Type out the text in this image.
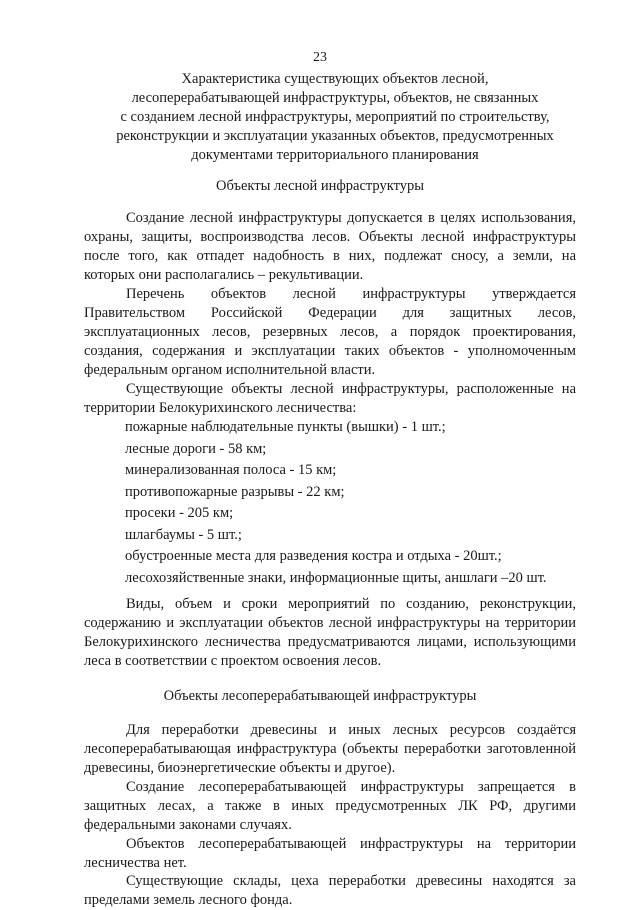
23
Характеристика существующих объектов лесной,
лесоперерабатывающей инфраструктуры, объектов, не связанных
с созданием лесной инфраструктуры, мероприятий по строительству,
реконструкции и эксплуатации указанных объектов, предусмотренных
документами территориального планирования
Объекты лесной инфраструктуры
Создание лесной инфраструктуры допускается в целях использования,
охраны, защиты, воспроизводства лесов. Объекты лесной инфраструктуры
после того, как отпадет надобность в них, подлежат сносу, а земли, на
которых они располагались – рекультивации.
Перечень объектов лесной инфраструктуры утверждается
Правительством Российской Федерации для защитных лесов,
эксплуатационных лесов, резервных лесов, а порядок проектирования,
создания, содержания и эксплуатации таких объектов - уполномоченным
федеральным органом исполнительной власти.
Существующие объекты лесной инфраструктуры, расположенные на
территории Белокурихинского лесничества:
пожарные наблюдательные пункты (вышки) - 1 шт.;
лесные дороги - 58 км;
минерализованная полоса - 15 км;
противопожарные разрывы - 22 км;
просеки - 205 км;
шлагбаумы - 5 шт.;
обустроенные места для разведения костра и отдыха - 20шт.;
лесохозяйственные знаки, информационные щиты, аншлаги –20 шт.
Виды, объем и сроки мероприятий по созданию, реконструкции,
содержанию и эксплуатации объектов лесной инфраструктуры на территории
Белокурихинского лесничества предусматриваются лицами, использующими
леса в соответствии с проектом освоения лесов.
Объекты лесоперерабатывающей инфраструктуры
Для переработки древесины и иных лесных ресурсов создаётся
лесоперерабатывающая инфраструктура (объекты переработки заготовленной
древесины, биоэнергетические объекты и другое).
Создание лесоперерабатывающей инфраструктуры запрещается в
защитных лесах, а также в иных предусмотренных ЛК РФ, другими
федеральными законами случаях.
Объектов лесоперерабатывающей инфраструктуры на территории
лесничества нет.
Существующие склады, цеха переработки древесины находятся за
пределами земель лесного фонда.
